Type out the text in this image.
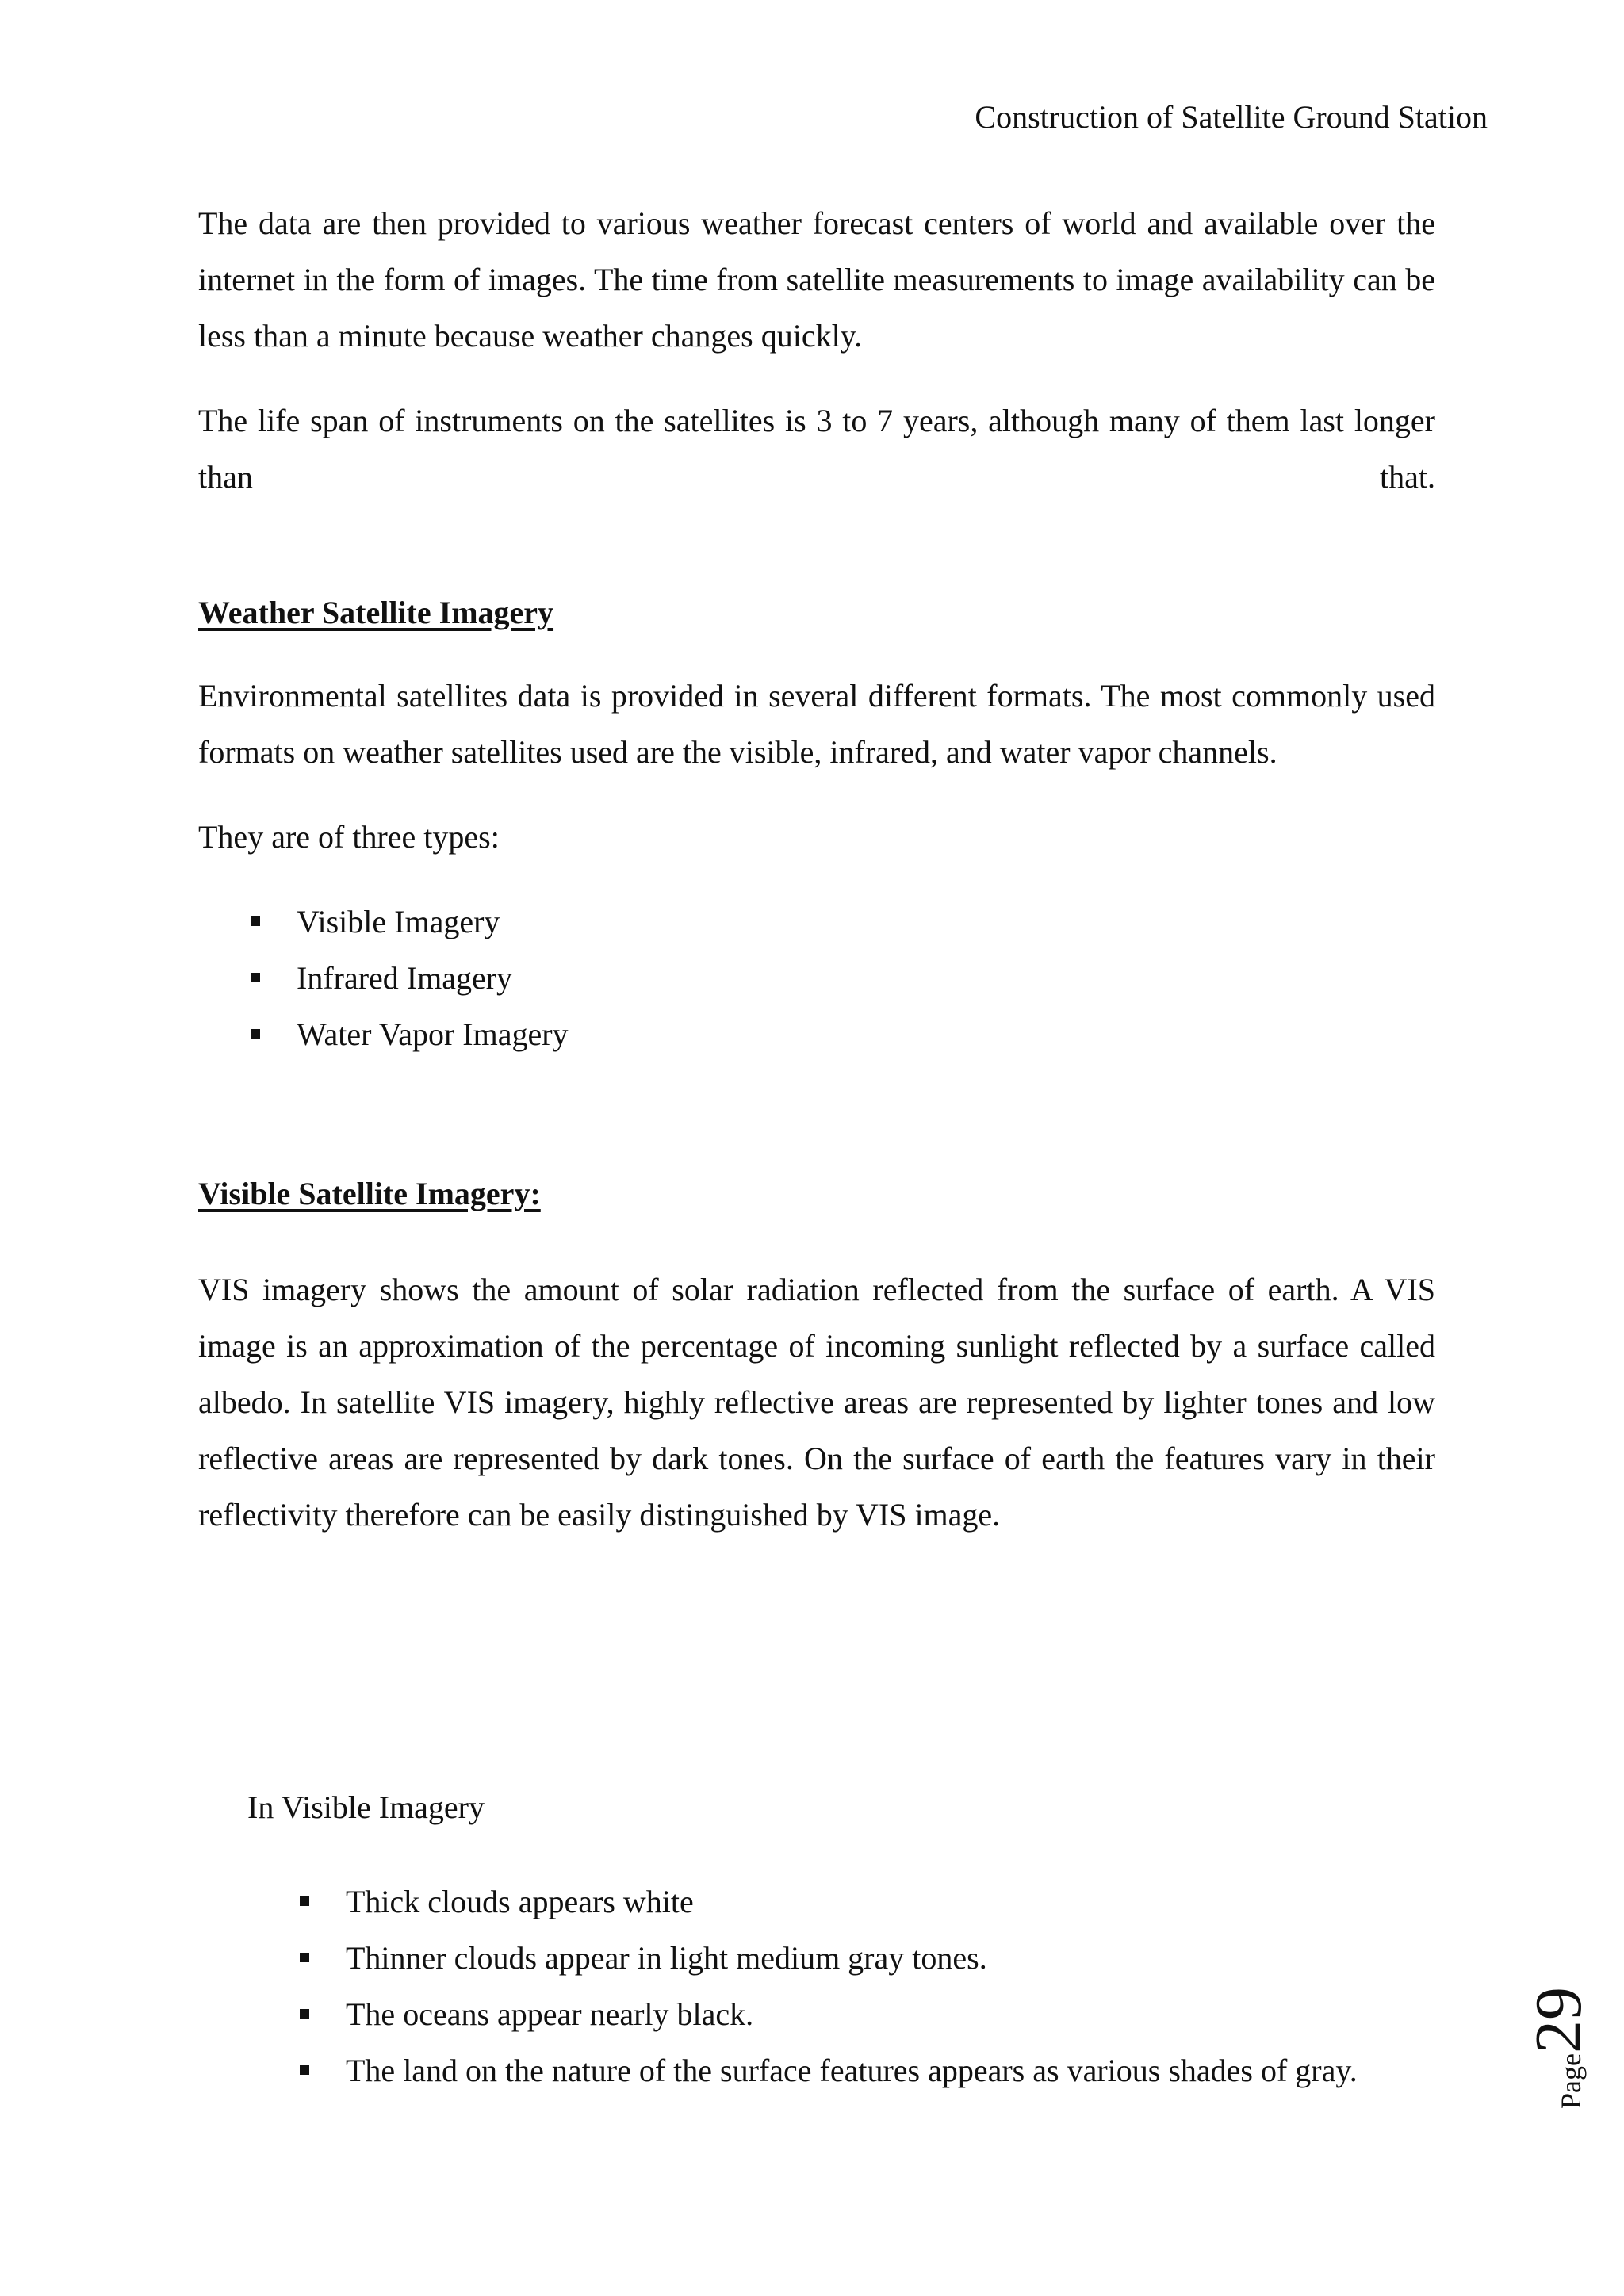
Construction of Satellite Ground Station

The data are then provided to various weather forecast centers of world and available over the internet in the form of images. The time from satellite measurements to image availability can be less than a minute because weather changes quickly.

The life span of instruments on the satellites is 3 to 7 years, although many of them last longer than that.

Weather Satellite Imagery

Environmental satellites data is provided in several different formats. The most commonly used formats on weather satellites used are the visible, infrared, and water vapor channels.

They are of three types:

Visible Imagery
Infrared Imagery
Water Vapor Imagery

Visible Satellite Imagery:

VIS imagery shows the amount of solar radiation reflected from the surface of earth. A VIS image is an approximation of the percentage of incoming sunlight reflected by a surface called albedo. In satellite VIS imagery, highly reflective areas are represented by lighter tones and low reflective areas are represented by dark tones. On the surface of earth the features vary in their reflectivity therefore can be easily distinguished by VIS image.

In Visible Imagery

Thick clouds appears white
Thinner clouds appear in light medium gray tones.
The oceans appear nearly black.
The land on the nature of the surface features appears as various shades of gray.	Page
29
